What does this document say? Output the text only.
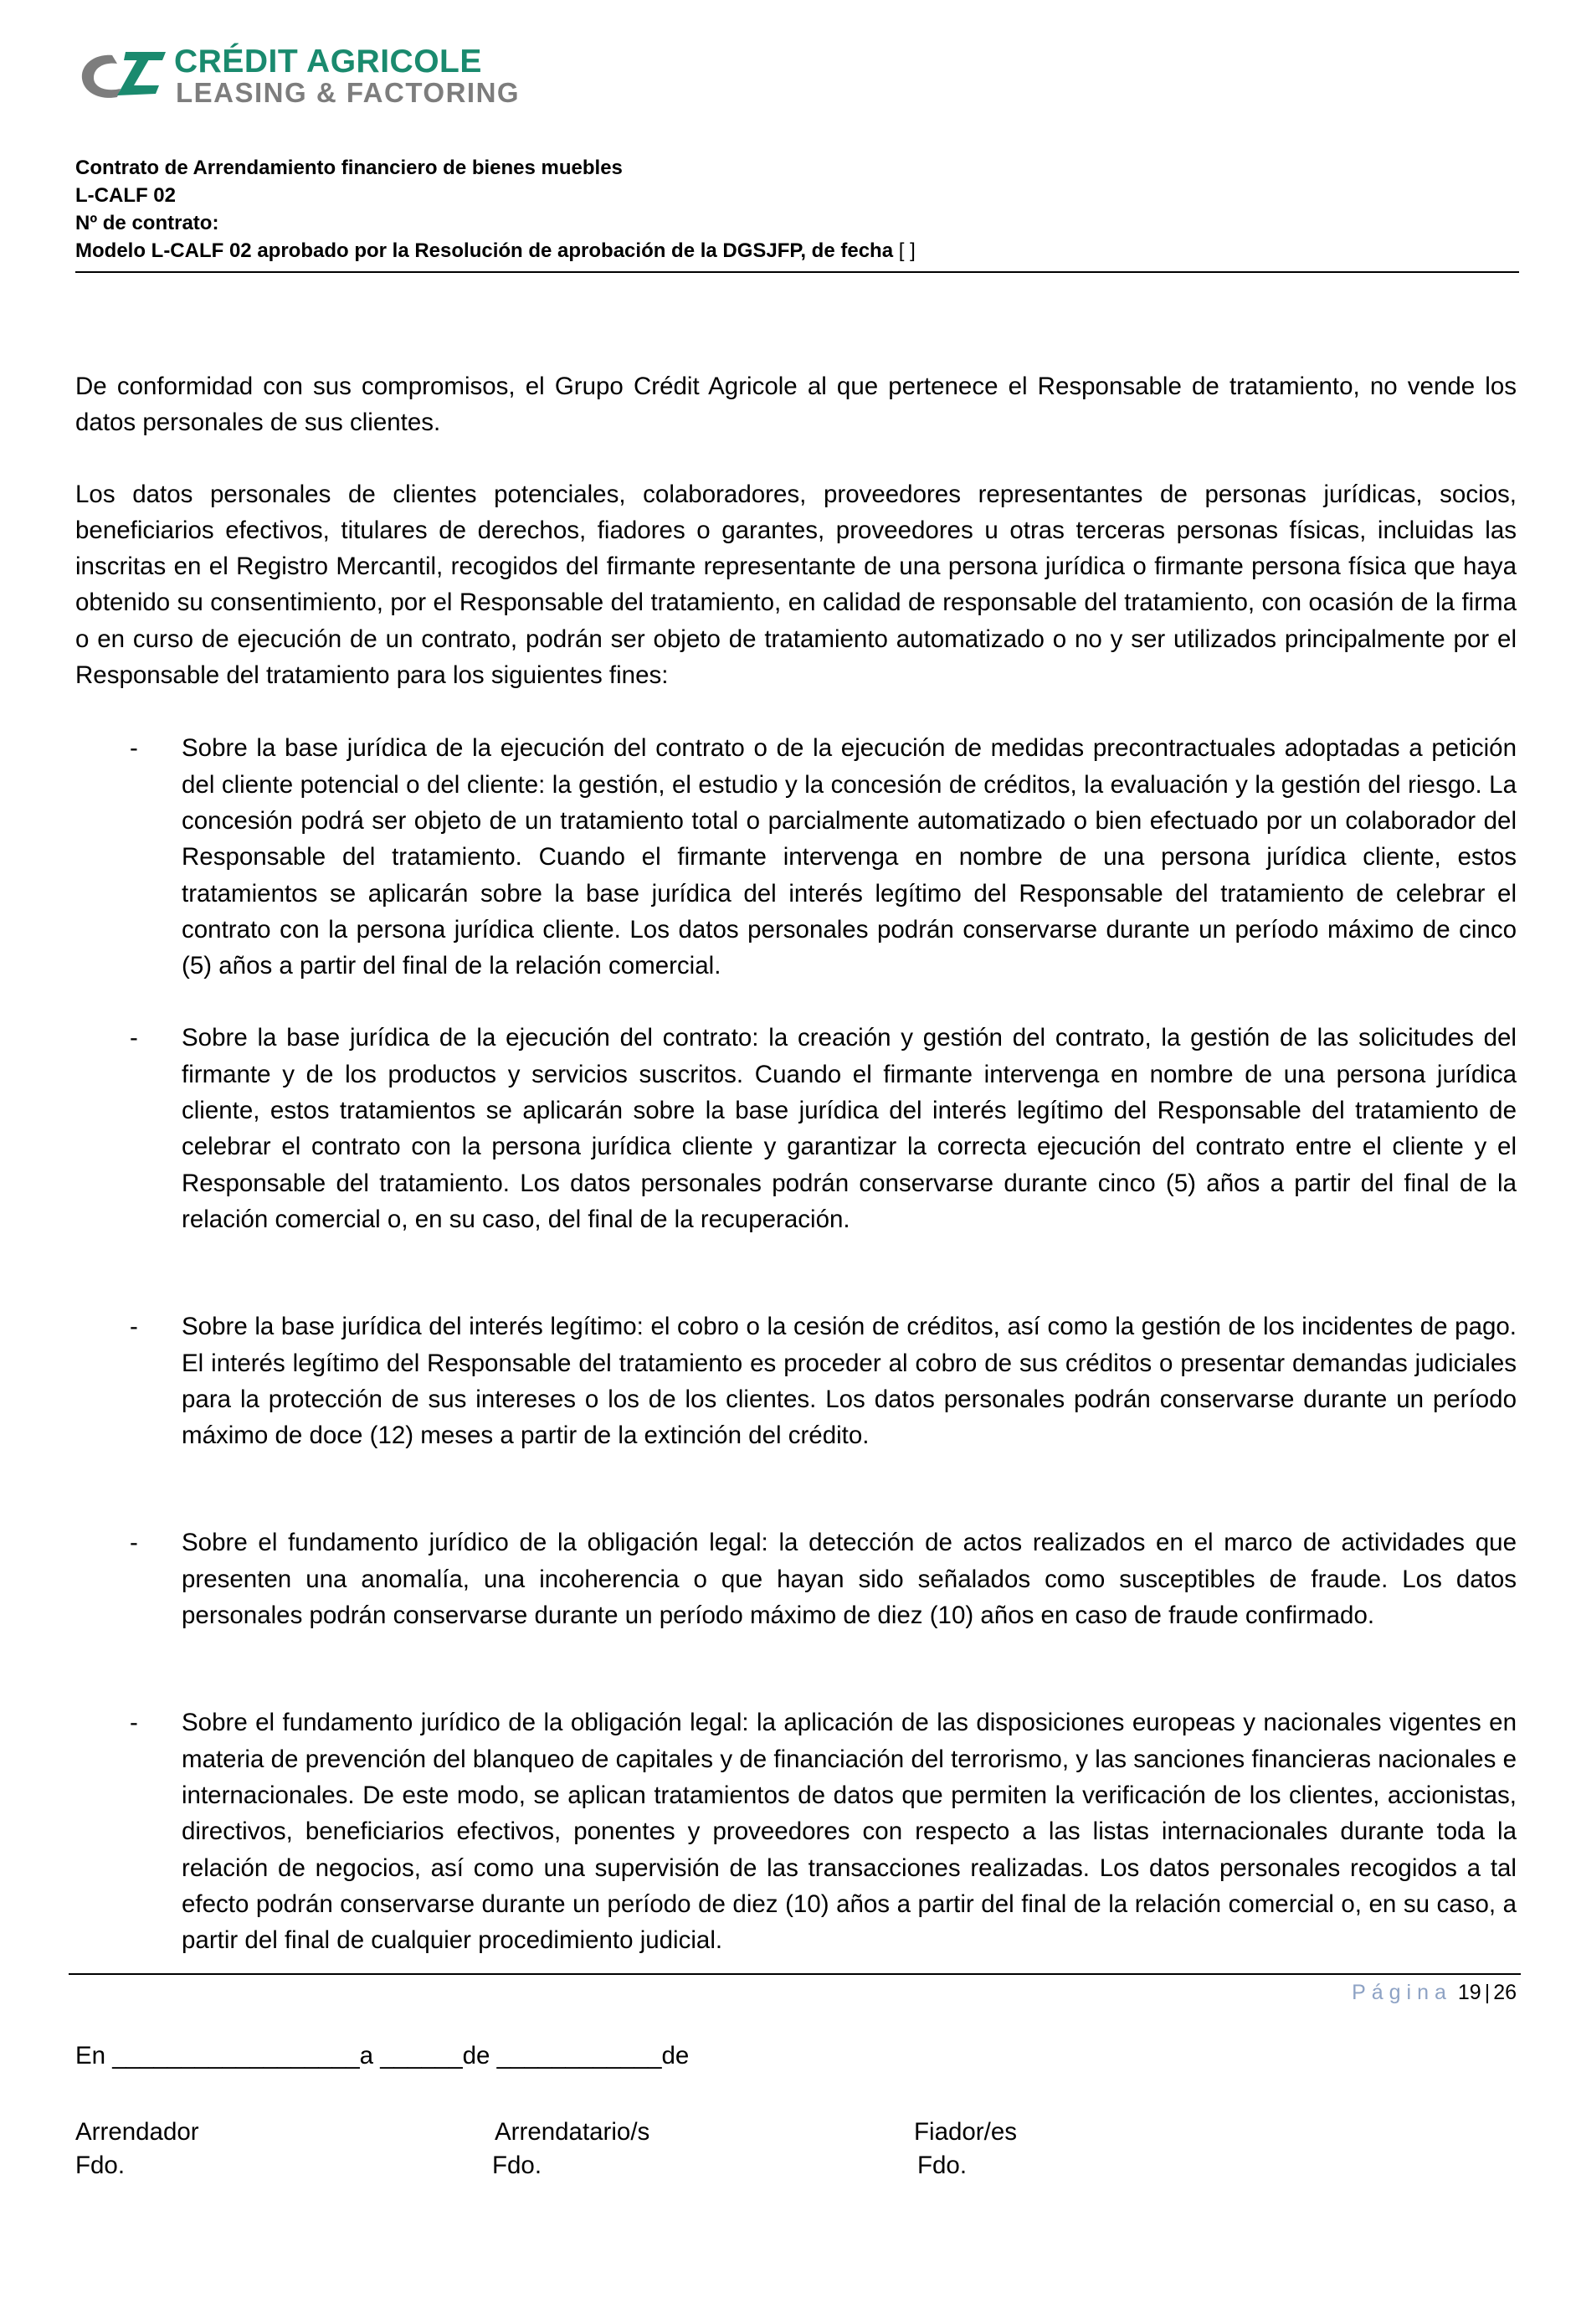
CRÉDIT AGRICOLE
LEASING & FACTORING
Contrato de Arrendamiento financiero de bienes muebles
L-CALF 02
Nº de contrato:
Modelo L-CALF 02 aprobado por la Resolución de aprobación de la DGSJFP, de fecha [ ]

De conformidad con sus compromisos, el Grupo Crédit Agricole al que pertenece el Responsable de tratamiento, no vende los datos personales de sus clientes.

Los datos personales de clientes potenciales, colaboradores, proveedores representantes de personas jurídicas, socios, beneficiarios efectivos, titulares de derechos, fiadores o garantes, proveedores u otras terceras personas físicas, incluidas las inscritas en el Registro Mercantil, recogidos del firmante representante de una persona jurídica o firmante persona física que haya obtenido su consentimiento, por el Responsable del tratamiento, en calidad de responsable del tratamiento, con ocasión de la firma o en curso de ejecución de un contrato, podrán ser objeto de tratamiento automatizado o no y ser utilizados principalmente por el Responsable del tratamiento para los siguientes fines:

- Sobre la base jurídica de la ejecución del contrato o de la ejecución de medidas precontractuales adoptadas a petición del cliente potencial o del cliente: la gestión, el estudio y la concesión de créditos, la evaluación y la gestión del riesgo. La concesión podrá ser objeto de un tratamiento total o parcialmente automatizado o bien efectuado por un colaborador del Responsable del tratamiento. Cuando el firmante intervenga en nombre de una persona jurídica cliente, estos tratamientos se aplicarán sobre la base jurídica del interés legítimo del Responsable del tratamiento de celebrar el contrato con la persona jurídica cliente. Los datos personales podrán conservarse durante un período máximo de cinco (5) años a partir del final de la relación comercial.
- Sobre la base jurídica de la ejecución del contrato: la creación y gestión del contrato, la gestión de las solicitudes del firmante y de los productos y servicios suscritos. Cuando el firmante intervenga en nombre de una persona jurídica cliente, estos tratamientos se aplicarán sobre la base jurídica del interés legítimo del Responsable del tratamiento de celebrar el contrato con la persona jurídica cliente y garantizar la correcta ejecución del contrato entre el cliente y el Responsable del tratamiento. Los datos personales podrán conservarse durante cinco (5) años a partir del final de la relación comercial o, en su caso, del final de la recuperación.
- Sobre la base jurídica del interés legítimo: el cobro o la cesión de créditos, así como la gestión de los incidentes de pago. El interés legítimo del Responsable del tratamiento es proceder al cobro de sus créditos o presentar demandas judiciales para la protección de sus intereses o los de los clientes. Los datos personales podrán conservarse durante un período máximo de doce (12) meses a partir de la extinción del crédito.
- Sobre el fundamento jurídico de la obligación legal: la detección de actos realizados en el marco de actividades que presenten una anomalía, una incoherencia o que hayan sido señalados como susceptibles de fraude. Los datos personales podrán conservarse durante un período máximo de diez (10) años en caso de fraude confirmado.
- Sobre el fundamento jurídico de la obligación legal: la aplicación de las disposiciones europeas y nacionales vigentes en materia de prevención del blanqueo de capitales y de financiación del terrorismo, y las sanciones financieras nacionales e internacionales. De este modo, se aplican tratamientos de datos que permiten la verificación de los clientes, accionistas, directivos, beneficiarios efectivos, ponentes y proveedores con respecto a las listas internacionales durante toda la relación de negocios, así como una supervisión de las transacciones realizadas. Los datos personales recogidos a tal efecto podrán conservarse durante un período de diez (10) años a partir del final de la relación comercial o, en su caso, a partir del final de cualquier procedimiento judicial.
Página 19 | 26
En __________________a ______de ____________de
Arrendador
Fdo.
Arrendatario/s
Fdo.
Fiador/es
Fdo.
